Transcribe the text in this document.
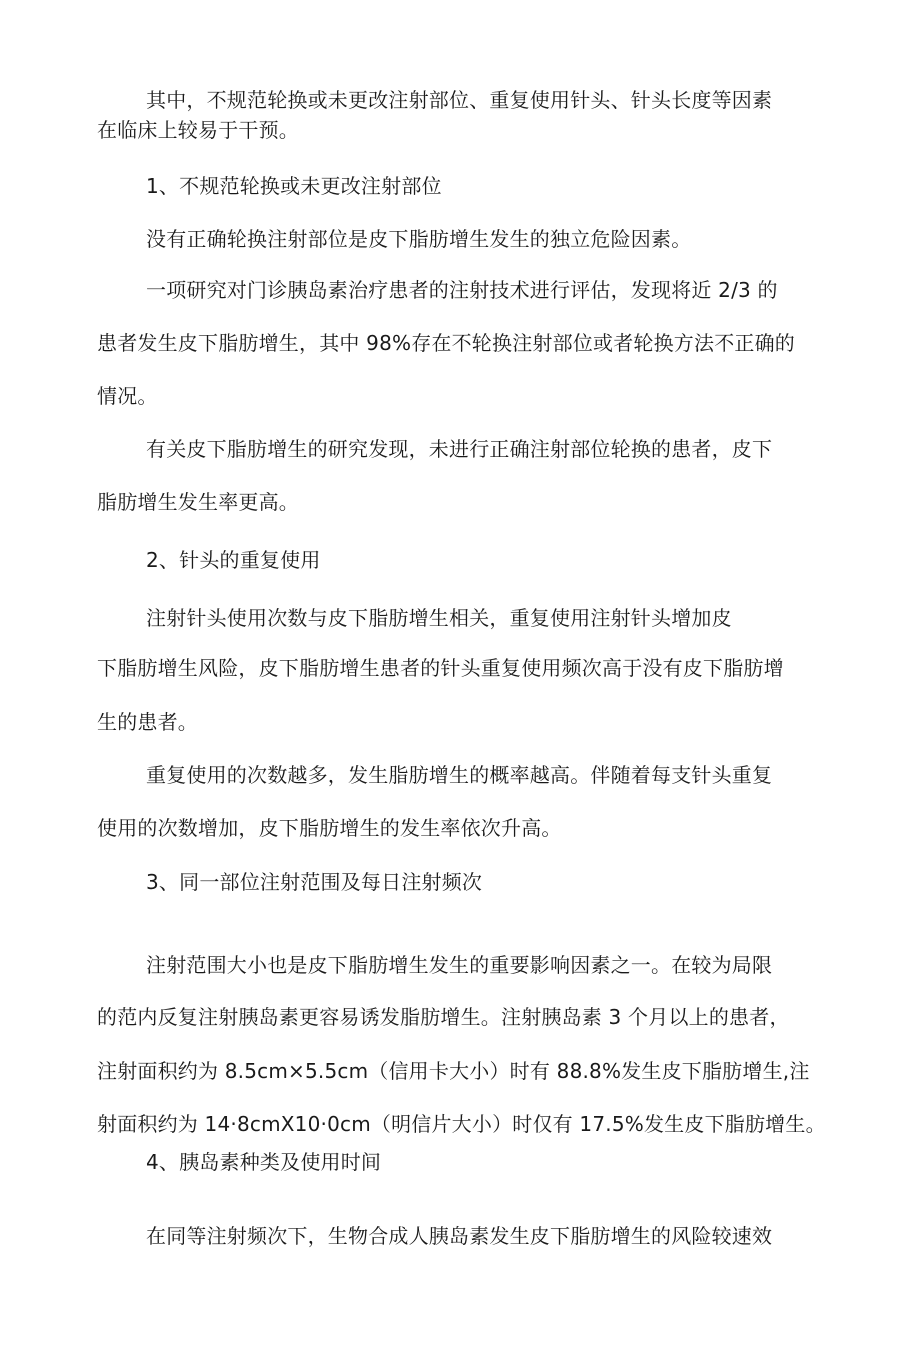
其中，不规范轮换或未更改注射部位、重复使用针头、针头长度等因素

在临床上较易于干预。

1、不规范轮换或未更改注射部位

没有正确轮换注射部位是皮下脂肪增生发生的独立危险因素。

一项研究对门诊胰岛素治疗患者的注射技术进行评估，发现将近 2/3 的

患者发生皮下脂肪增生，其中 98%存在不轮换注射部位或者轮换方法不正确的

情况。

有关皮下脂肪增生的研究发现，未进行正确注射部位轮换的患者，皮下

脂肪增生发生率更高。

2、针头的重复使用

注射针头使用次数与皮下脂肪增生相关，重复使用注射针头增加皮

下脂肪增生风险，皮下脂肪增生患者的针头重复使用频次高于没有皮下脂肪增

生的患者。

重复使用的次数越多，发生脂肪增生的概率越高。伴随着每支针头重复

使用的次数增加，皮下脂肪增生的发生率依次升高。

3、同一部位注射范围及每日注射频次

注射范围大小也是皮下脂肪增生发生的重要影响因素之一。在较为局限

的范内反复注射胰岛素更容易诱发脂肪增生。注射胰岛素 3 个月以上的患者，

注射面积约为 8.5cm×5.5cm（信用卡大小）时有 88.8%发生皮下脂肪增生,注

射面积约为 14·8cmX10·0cm（明信片大小）时仅有 17.5%发生皮下脂肪增生。

4、胰岛素种类及使用时间

在同等注射频次下，生物合成人胰岛素发生皮下脂肪增生的风险较速效
